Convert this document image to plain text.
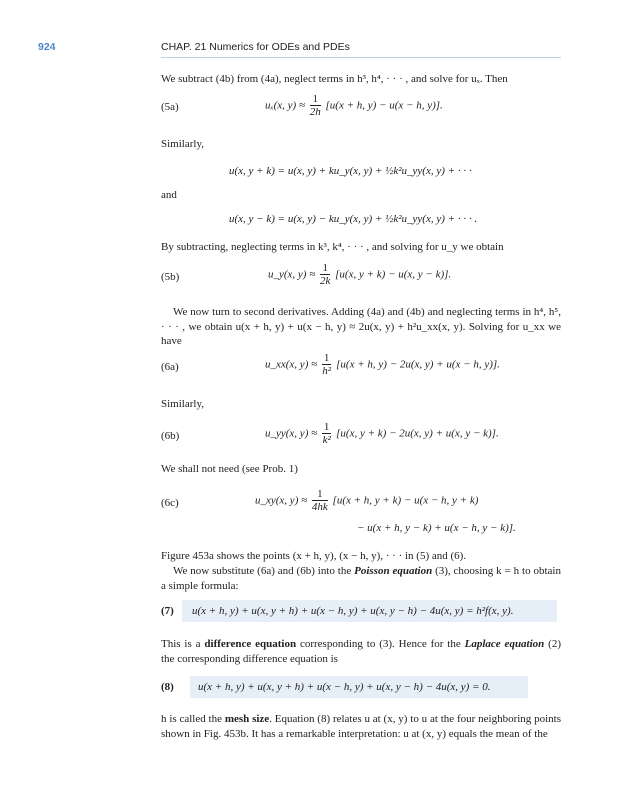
924	CHAP. 21 Numerics for ODEs and PDEs
We subtract (4b) from (4a), neglect terms in h³, h⁴, · · · , and solve for uₓ. Then
(5a)	uₓ(x, $y) \approx \frac{1}{2h} [u(x + h$, y) − u(x − h, y)].
Similarly,
u(x, y + k) = u(x, y) + ku_y(x, y) + ½k²u_yy(x, y) + · · ·
and
u(x, y − k) = u(x, y) − ku_y(x, y) + ½k²u_yy(x, y) + · · · .
By subtracting, neglecting terms in k³, k⁴, · · · , and solving for u_y we obtain
(5b)	u_y(x, $y) \approx \frac{1}{2k} [u(x$, y + k) − u(x, y − k)].
We now turn to second derivatives. Adding (4a) and (4b) and neglecting terms in h⁴, h⁵, · · · , we obtain u(x + h, y) + u(x − h, y) ≈ 2u(x, y) + h²u_xx(x, y). Solving for u_xx we have
(6a)	u_xx(x, $y) \approx \frac{1}{\text{h²}} [u(x + h$, y) − 2u(x, y) + u(x − h, y)].
Similarly,
(6b)	u_yy(x, $y) \approx \frac{1}{\text{k²}} [u(x$, y + k) − 2u(x, y) + u(x, y − k)].
We shall not need (see Prob. 1)
(6c)	u_xy(x, $y) \approx \frac{1}{4hk} [u(x + h$, y + k) − u(x − h, y + k)
− u(x + h, y − k) + u(x − h, y − k)].
Figure 453a shows the points (x + h, y), (x − h, y), · · · in (5) and (6).
We now substitute (6a) and (6b) into the Poisson equation (3), choosing k = h to obtain a simple formula:
(7) u(x + h, y) + u(x, y + h) + u(x − h, y) + u(x, y − h) − 4u(x, y) = h²f(x, y).
This is a difference equation corresponding to (3). Hence for the Laplace equation (2) the corresponding difference equation is
(8) u(x + h, y) + u(x, y + h) + u(x − h, y) + u(x, y − h) − 4u(x, y) = 0.
h is called the mesh size. Equation (8) relates u at (x, y) to u at the four neighboring points shown in Fig. 453b. It has a remarkable interpretation: u at (x, y) equals the mean of the
